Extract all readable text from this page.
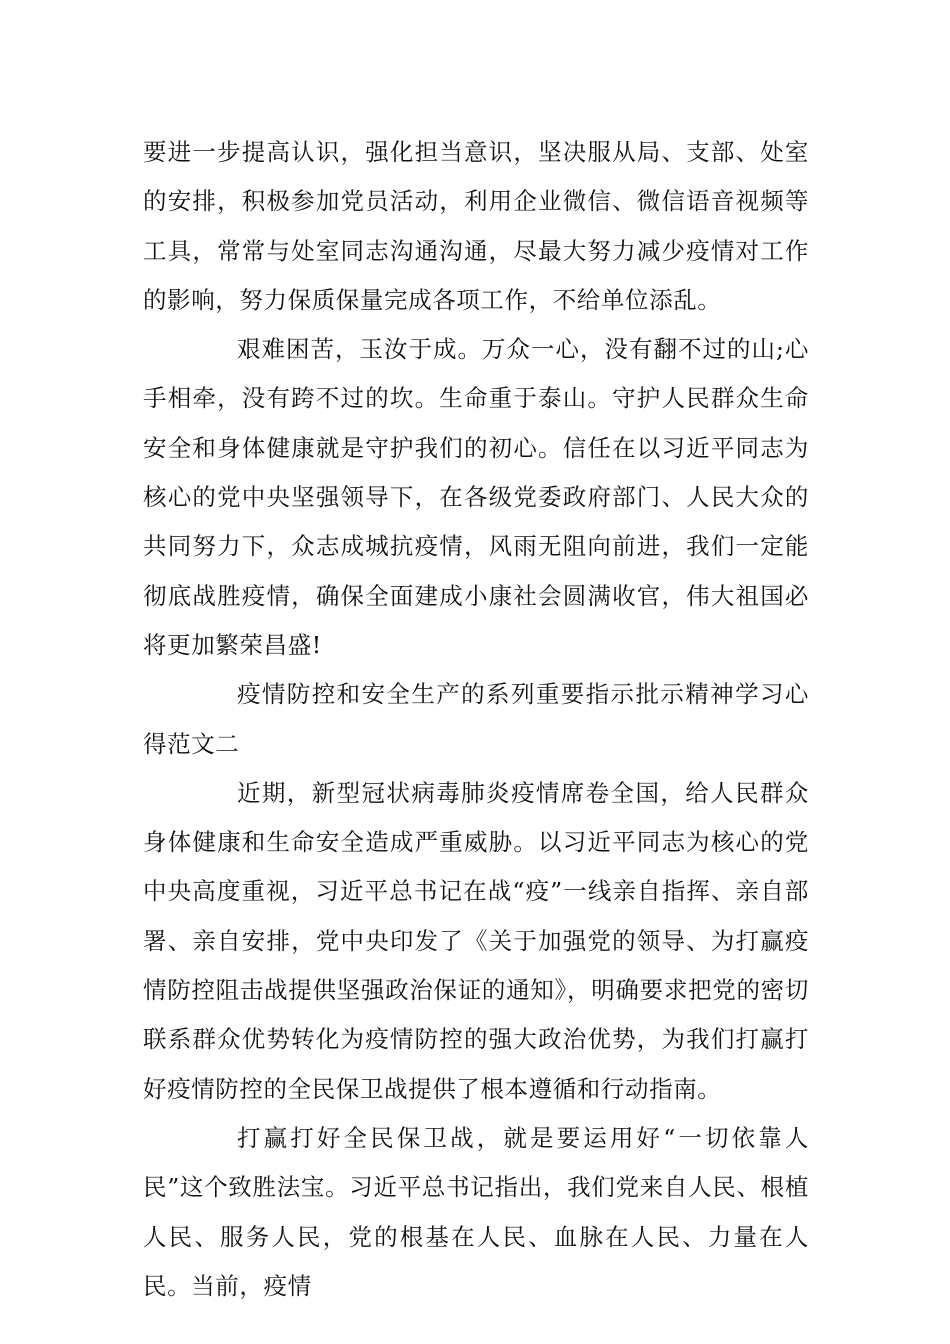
要进一步提高认识，强化担当意识，坚决服从局、支部、处室的安排，积极参加党员活动，利用企业微信、微信语音视频等工具，常常与处室同志沟通沟通，尽最大努力减少疫情对工作的影响，努力保质保量完成各项工作，不给单位添乱。

艰难困苦，玉汝于成。万众一心，没有翻不过的山;心手相牵，没有跨不过的坎。生命重于泰山。守护人民群众生命安全和身体健康就是守护我们的初心。信任在以习近平同志为核心的党中央坚强领导下，在各级党委政府部门、人民大众的共同努力下，众志成城抗疫情，风雨无阻向前进，我们一定能彻底战胜疫情，确保全面建成小康社会圆满收官，伟大祖国必将更加繁荣昌盛!

疫情防控和安全生产的系列重要指示批示精神学习心得范文二

近期，新型冠状病毒肺炎疫情席卷全国，给人民群众身体健康和生命安全造成严重威胁。以习近平同志为核心的党中央高度重视，习近平总书记在战“疫”一线亲自指挥、亲自部署、亲自安排，党中央印发了《关于加强党的领导、为打赢疫情防控阻击战提供坚强政治保证的通知》，明确要求把党的密切联系群众优势转化为疫情防控的强大政治优势，为我们打赢打好疫情防控的全民保卫战提供了根本遵循和行动指南。

打赢打好全民保卫战，就是要运用好“一切依靠人民”这个致胜法宝。习近平总书记指出，我们党来自人民、根植人民、服务人民，党的根基在人民、血脉在人民、力量在人民。当前，疫情
